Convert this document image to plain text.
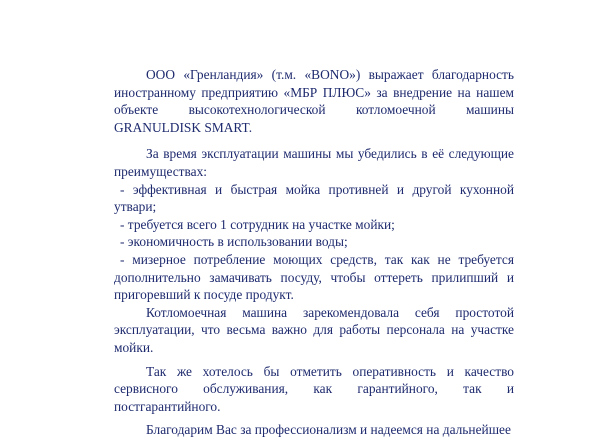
ООО «Гренландия» (т.м. «BONO») выражает благодарность иностранному предприятию «МБР ПЛЮС» за внедрение на нашем объекте высокотехнологической котломоечной машины GRANULDISK SMART.

За время эксплуатации машины мы убедились в её следующие преимуществах:

- эффективная и быстрая мойка противней и другой кухонной утвари;

- требуется всего 1 сотрудник на участке мойки;

- экономичность в использовании воды;

- мизерное потребление моющих средств, так как не требуется дополнительно замачивать посуду, чтобы оттереть прилипший и пригоревший к посуде продукт.

Котломоечная машина зарекомендовала себя простотой эксплуатации, что весьма важно для работы персонала на участке мойки.

Так же хотелось бы отметить оперативность и качество сервисного обслуживания, как гарантийного, так и постгарантийного.

Благодарим Вас за профессионализм и надеемся на дальнейшее
